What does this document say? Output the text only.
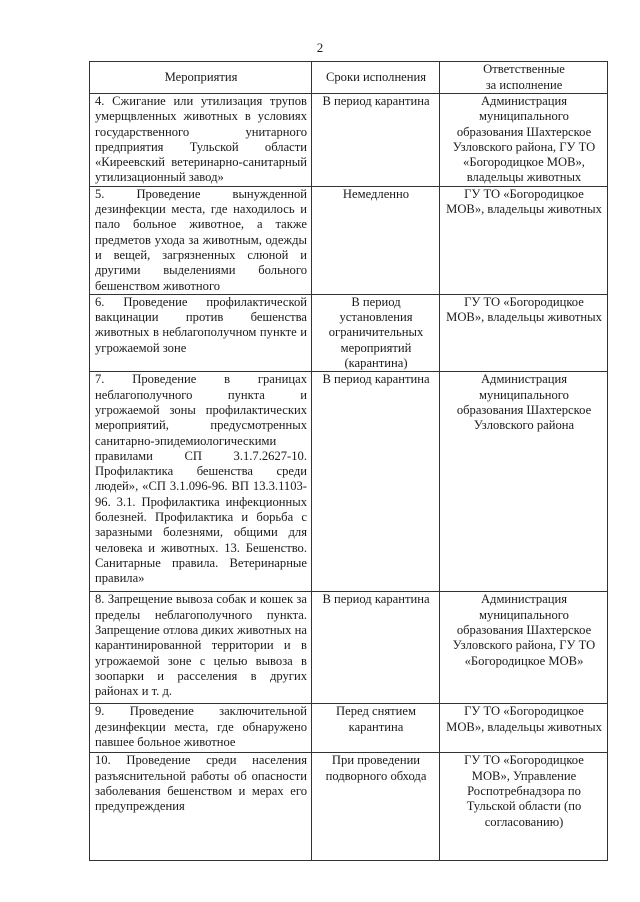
2
Мероприятия	Сроки исполнения	Ответственные
за исполнение

4. Сжигание или утилизация трупов умерщвленных животных в условиях государственного унитарного предприятия Тульской области «Киреевский ветеринарно-санитарный утилизационный завод»	В период карантина	Администрация муниципального образования Шахтерское Узловского района, ГУ ТО «Богородицкое МОВ», владельцы животных

5. Проведение вынужденной дезинфекции места, где находилось и пало больное животное, а также предметов ухода за животным, одежды и вещей, загрязненных слюной и другими выделениями больного бешенством животного	Немедленно	ГУ ТО «Богородицкое МОВ», владельцы животных

6. Проведение профилактической вакцинации против бешенства животных в неблагополучном пункте и угрожаемой зоне	В период установления ограничительных мероприятий (карантина)	ГУ ТО «Богородицкое МОВ», владельцы животных

7. Проведение в границах неблагополучного пункта и угрожаемой зоны профилактических мероприятий, предусмотренных санитарно-эпидемиологическими правилами СП 3.1.7.2627-10. Профилактика бешенства среди людей», «СП 3.1.096-96. ВП 13.3.1103-96. 3.1. Профилактика инфекционных болезней. Профилактика и борьба с заразными болезнями, общими для человека и животных. 13. Бешенство. Санитарные правила. Ветеринарные правила»	В период карантина	Администрация муниципального образования Шахтерское Узловского района

8. Запрещение вывоза собак и кошек за пределы неблагополучного пункта. Запрещение отлова диких животных на карантинированной территории и в угрожаемой зоне с целью вывоза в зоопарки и расселения в других районах и т. д.	В период карантина	Администрация муниципального образования Шахтерское Узловского района, ГУ ТО «Богородицкое МОВ»

9. Проведение заключительной дезинфекции места, где обнаружено павшее больное животное	Перед снятием карантина	ГУ ТО «Богородицкое МОВ», владельцы животных

10. Проведение среди населения разъяснительной работы об опасности заболевания бешенством и мерах его предупреждения	При проведении подворного обхода	ГУ ТО «Богородицкое МОВ», Управление Роспотребнадзора по Тульской области (по согласованию)
